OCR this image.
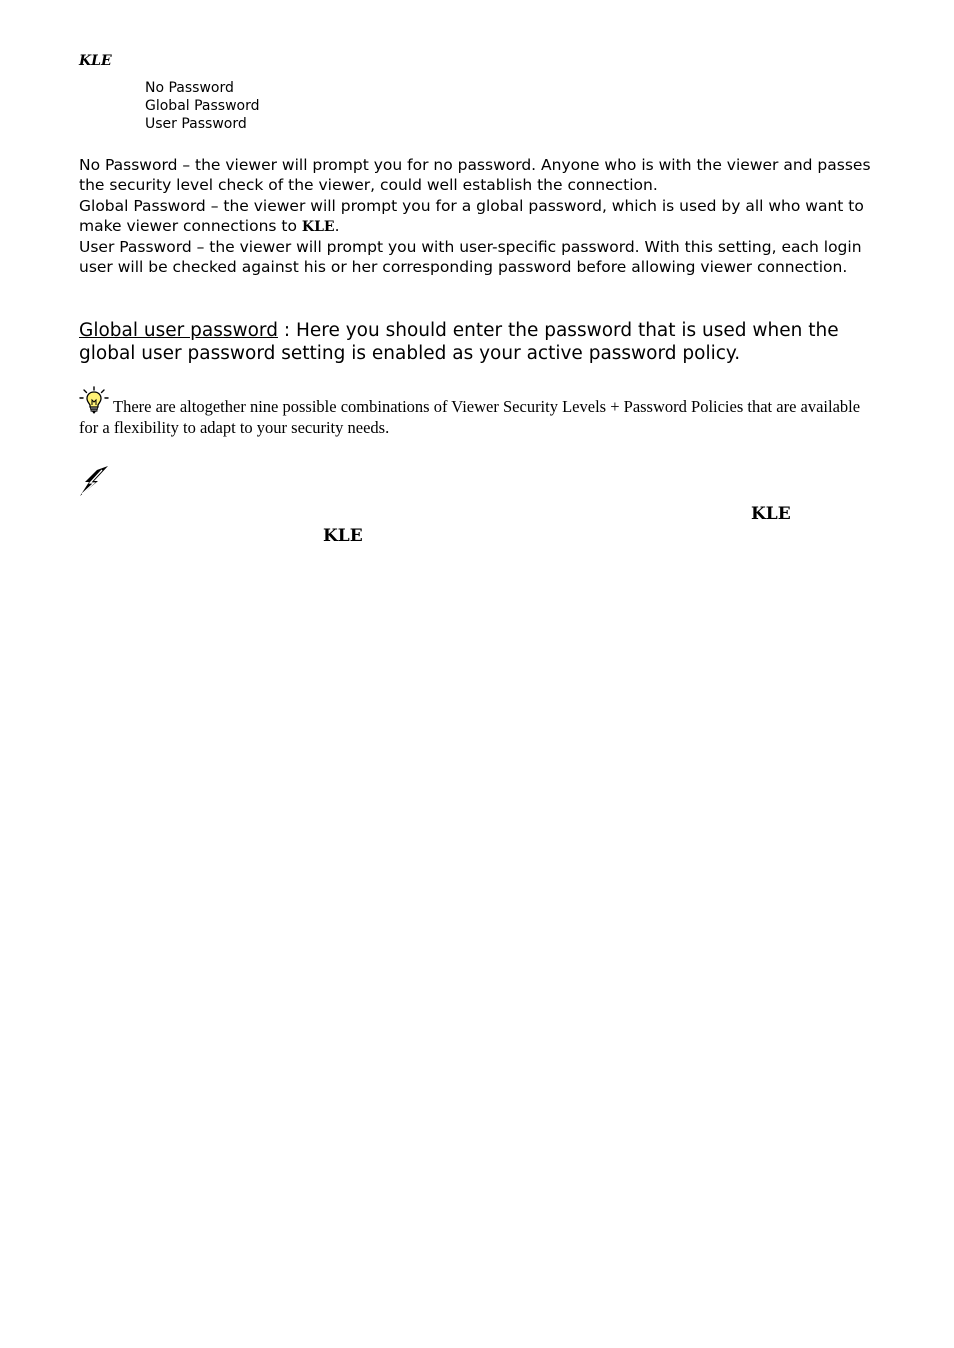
KLE
No Password
Global Password
User Password

No Password – the viewer will prompt you for no password. Anyone who is with the viewer and passes the security level check of the viewer, could well establish the connection.

Global Password – the viewer will prompt you for a global password, which is used by all who want to make viewer connections to KLE.

User Password – the viewer will prompt you with user-specific password. With this setting, each login user will be checked against his or her corresponding password before allowing viewer connection.

Global user password : Here you should enter the password that is used when the global user password setting is enabled as your active password policy.
There are altogether nine possible combinations of Viewer Security Levels + Password Policies that are available for a flexibility to adapt to your security needs.
KLE
KLE
